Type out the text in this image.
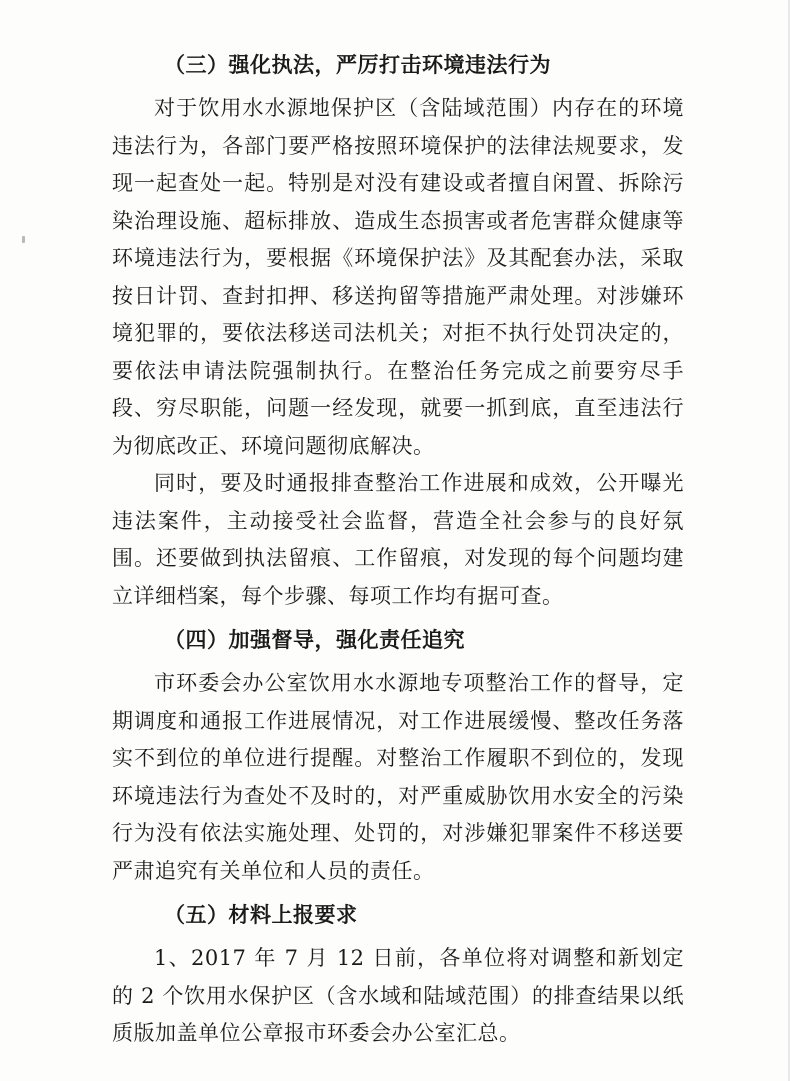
（三）强化执法，严厉打击环境违法行为

对于饮用水水源地保护区（含陆域范围）内存在的环境违法行为，各部门要严格按照环境保护的法律法规要求，发现一起查处一起。特别是对没有建设或者擅自闲置、拆除污染治理设施、超标排放、造成生态损害或者危害群众健康等环境违法行为，要根据《环境保护法》及其配套办法，采取按日计罚、查封扣押、移送拘留等措施严肃处理。对涉嫌环境犯罪的，要依法移送司法机关；对拒不执行处罚决定的，要依法申请法院强制执行。在整治任务完成之前要穷尽手段、穷尽职能，问题一经发现，就要一抓到底，直至违法行为彻底改正、环境问题彻底解决。

同时，要及时通报排查整治工作进展和成效，公开曝光违法案件，主动接受社会监督，营造全社会参与的良好氛围。还要做到执法留痕、工作留痕，对发现的每个问题均建立详细档案，每个步骤、每项工作均有据可查。

（四）加强督导，强化责任追究

市环委会办公室饮用水水源地专项整治工作的督导，定期调度和通报工作进展情况，对工作进展缓慢、整改任务落实不到位的单位进行提醒。对整治工作履职不到位的，发现环境违法行为查处不及时的，对严重威胁饮用水安全的污染行为没有依法实施处理、处罚的，对涉嫌犯罪案件不移送要严肃追究有关单位和人员的责任。

（五）材料上报要求

1、2017 年 7 月 12 日前，各单位将对调整和新划定的 2 个饮用水保护区（含水域和陆域范围）的排查结果以纸质版加盖单位公章报市环委会办公室汇总。
